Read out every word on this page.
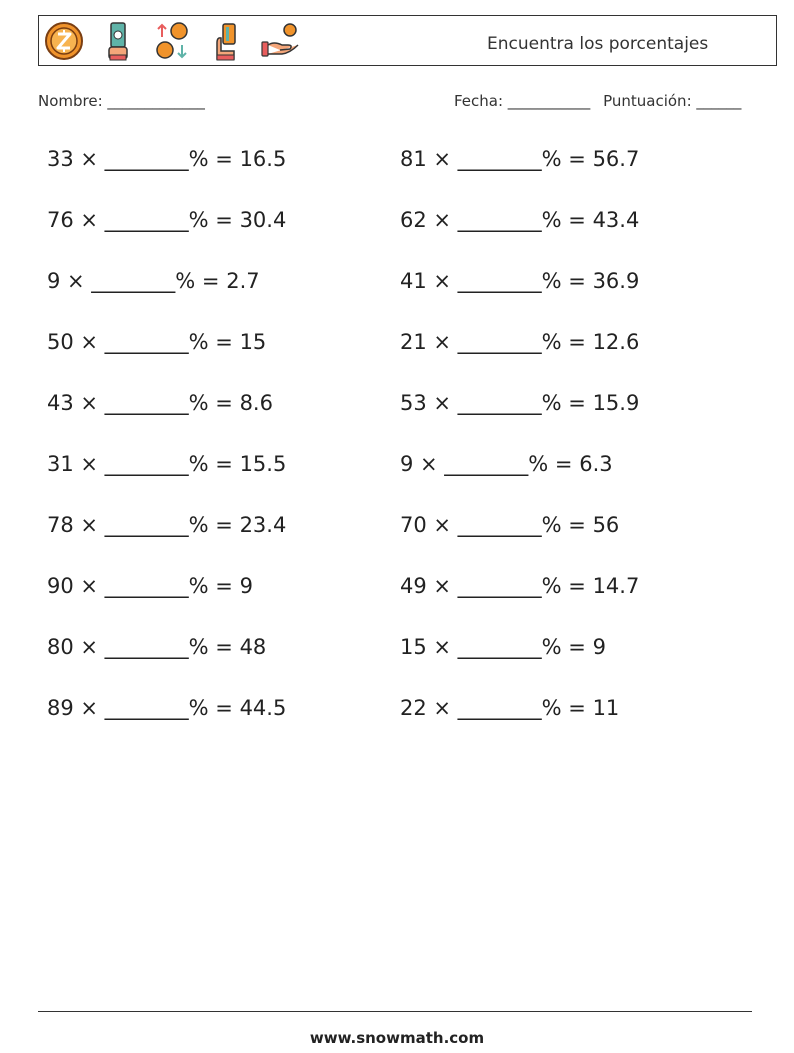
Encuentra los porcentajes
Nombre: _____________	Fecha: ___________ Puntuación: ______
33 × ________% = 16.5
76 × ________% = 30.4
9 × ________% = 2.7
50 × ________% = 15
43 × ________% = 8.6
31 × ________% = 15.5
78 × ________% = 23.4
90 × ________% = 9
80 × ________% = 48
89 × ________% = 44.5
81 × ________% = 56.7
62 × ________% = 43.4
41 × ________% = 36.9
21 × ________% = 12.6
53 × ________% = 15.9
9 × ________% = 6.3
70 × ________% = 56
49 × ________% = 14.7
15 × ________% = 9
22 × ________% = 11
www.snowmath.com
